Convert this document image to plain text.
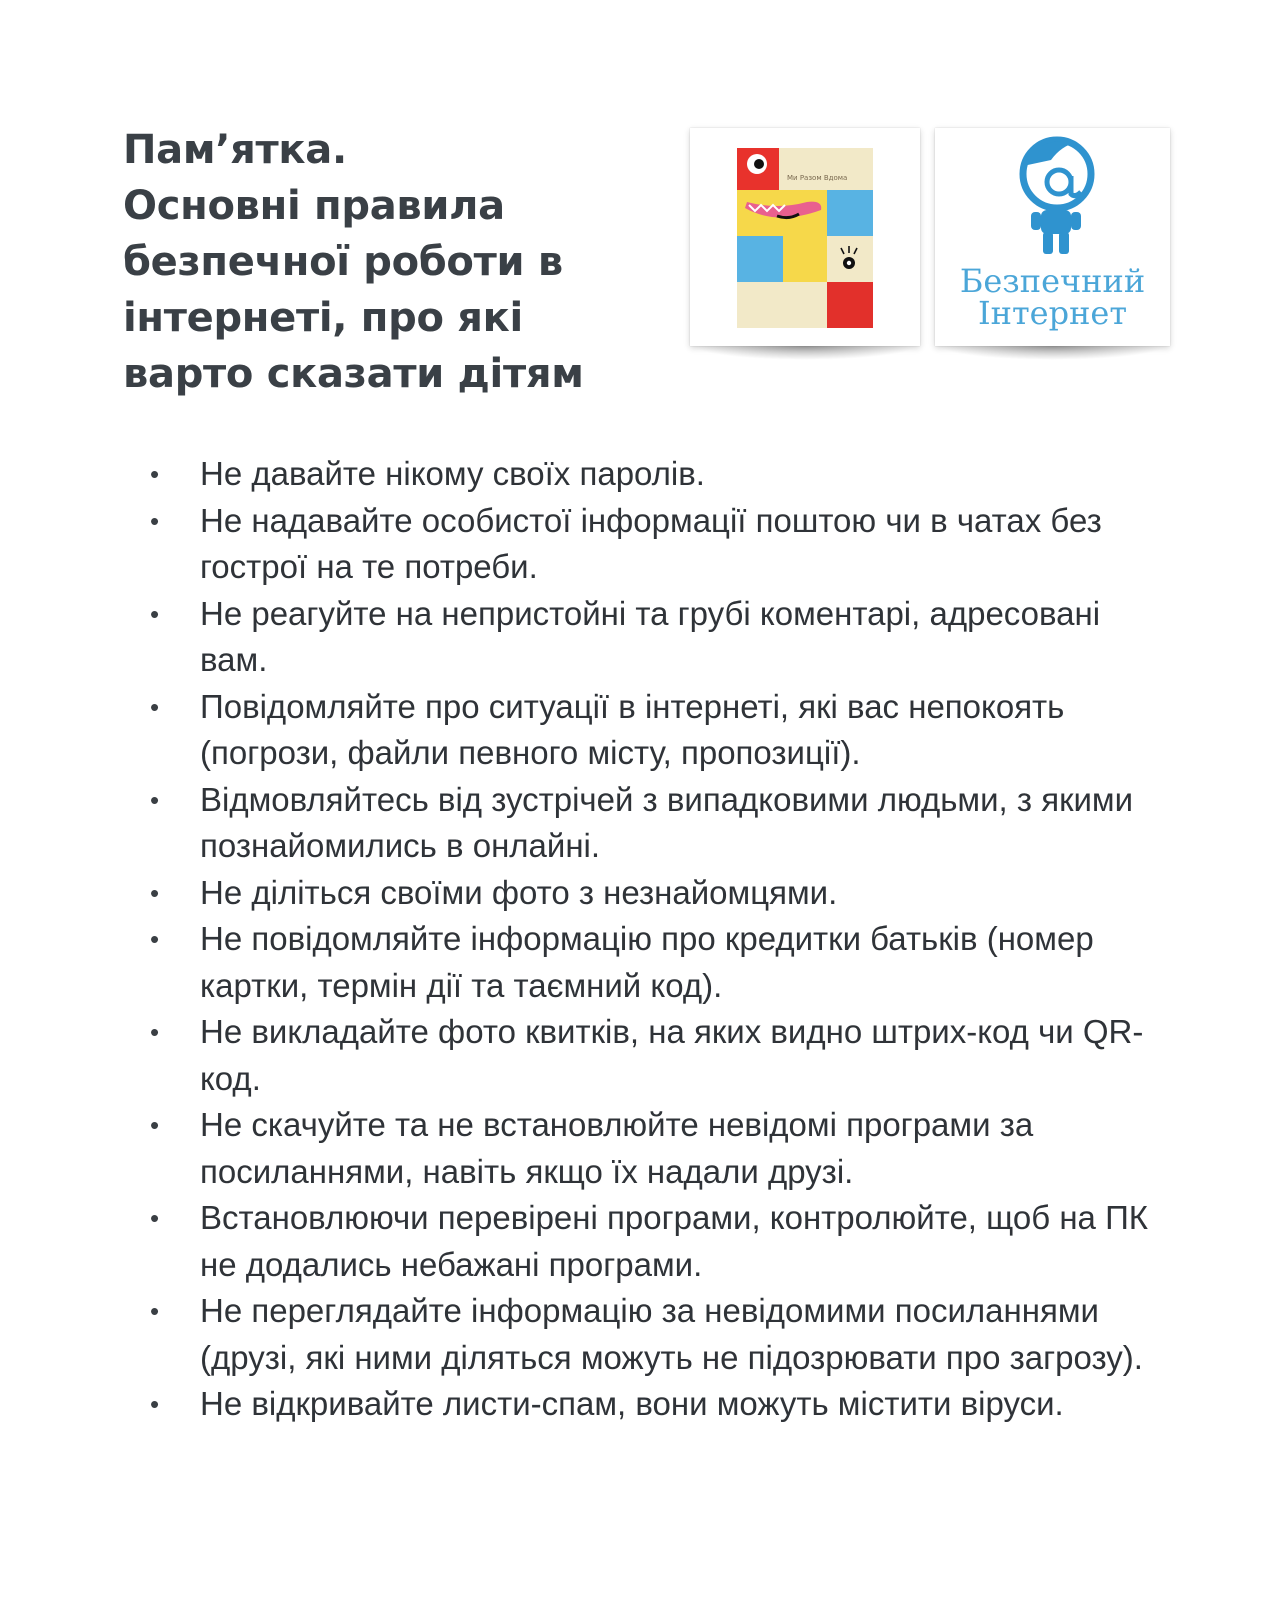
Пам’ятка.
Основні правила
безпечної роботи в
інтернеті, про які
варто сказати дітям
Ми Разом Вдома
Безпечний
Інтернет
• Не давайте нікому своїх паролів.
• Не надавайте особистої інформації поштою чи в чатах без гострої на те потреби.
• Не реагуйте на непристойні та грубі коментарі, адресовані вам.
• Повідомляйте про ситуації в інтернеті, які вас непокоять (погрози, файли певного місту, пропозиції).
• Відмовляйтесь від зустрічей з випадковими людьми, з якими познайомились в онлайні.
• Не діліться своїми фото з незнайомцями.
• Не повідомляйте інформацію про кредитки батьків (номер картки, термін дії та таємний код).
• Не викладайте фото квитків, на яких видно штрих-код чи QR-код.
• Не скачуйте та не встановлюйте невідомі програми за посиланнями, навіть якщо їх надали друзі.
• Встановлюючи перевірені програми, контролюйте, щоб на ПК не додались небажані програми.
• Не переглядайте інформацію за невідомими посиланнями (друзі, які ними діляться можуть не підозрювати про загрозу).
• Не відкривайте листи-спам, вони можуть містити віруси.
